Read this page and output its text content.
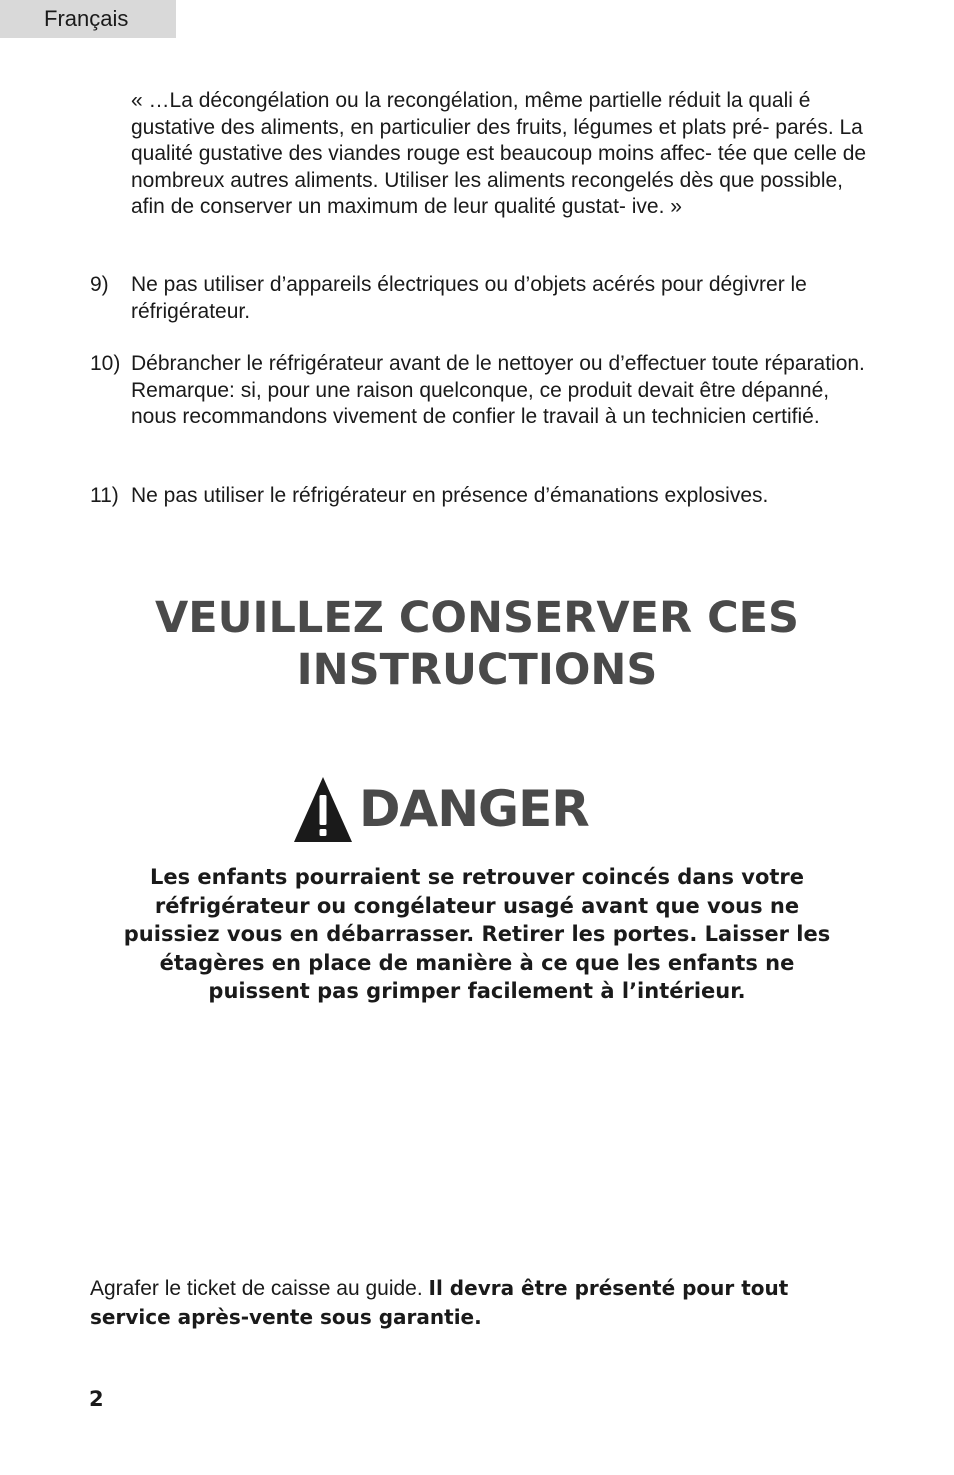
Français

« …La décongélation ou la recongélation, même partielle réduit la quali é gustative des aliments, en particulier des fruits, légumes et plats pré- parés. La qualité gustative des viandes rouge est beaucoup moins affec- tée que celle de nombreux autres aliments. Utiliser les aliments recongelés dès que possible, afin de conserver un maximum de leur qualité gustat- ive. »

9) Ne pas utiliser d’appareils électriques ou d’objets acérés pour dégivrer le réfrigérateur.

10) Débrancher le réfrigérateur avant de le nettoyer ou d’effectuer toute réparation. Remarque: si, pour une raison quelconque, ce produit devait être dépanné, nous recommandons vivement de confier le travail à un technicien certifié.

11) Ne pas utiliser le réfrigérateur en présence d’émanations explosives.

VEUILLEZ CONSERVER CES
INSTRUCTIONS
DANGER

Les enfants pourraient se retrouver coincés dans votre
réfrigérateur ou congélateur usagé avant que vous ne
puissiez vous en débarrasser. Retirer les portes. Laisser les
étagères en place de manière à ce que les enfants ne
puissent pas grimper facilement à l’intérieur.

Agrafer le ticket de caisse au guide. Il devra être présenté pour tout service après-vente sous garantie.

2
